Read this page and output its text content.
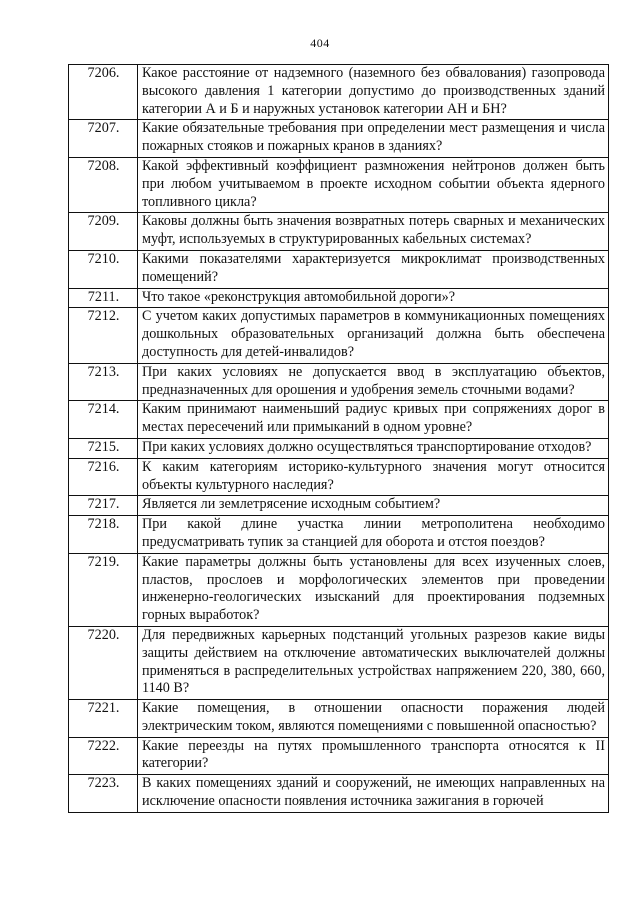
404
7206.	Какое расстояние от надземного (наземного без обвалования) газопровода высокого давления 1 категории допустимо до производственных зданий категории А и Б и наружных установок категории АН и БН?
7207.	Какие обязательные требования при определении мест размещения и числа пожарных стояков и пожарных кранов в зданиях?
7208.	Какой эффективный коэффициент размножения нейтронов должен быть при любом учитываемом в проекте исходном событии объекта ядерного топливного цикла?
7209.	Каковы должны быть значения возвратных потерь сварных и механических муфт, используемых в структурированных кабельных системах?
7210.	Какими показателями характеризуется микроклимат производственных помещений?
7211.	Что такое «реконструкция автомобильной дороги»?
7212.	С учетом каких допустимых параметров в коммуникационных помещениях дошкольных образовательных организаций должна быть обеспечена доступность для детей-инвалидов?
7213.	При каких условиях не допускается ввод в эксплуатацию объектов, предназначенных для орошения и удобрения земель сточными водами?
7214.	Каким принимают наименьший радиус кривых при сопряжениях дорог в местах пересечений или примыканий в одном уровне?
7215.	При каких условиях должно осуществляться транспортирование отходов?
7216.	К каким категориям историко-культурного значения могут относится объекты культурного наследия?
7217.	Является ли землетрясение исходным событием?
7218.	При какой длине участка линии метрополитена необходимо предусматривать тупик за станцией для оборота и отстоя поездов?
7219.	Какие параметры должны быть установлены для всех изученных слоев, пластов, прослоев и морфологических элементов при проведении инженерно-геологических изысканий для проектирования подземных горных выработок?
7220.	Для передвижных карьерных подстанций угольных разрезов какие виды защиты действием на отключение автоматических выключателей должны применяться в распределительных устройствах напряжением 220, 380, 660, 1140 В?
7221.	Какие помещения, в отношении опасности поражения людей электрическим током, являются помещениями с повышенной опасностью?
7222.	Какие переезды на путях промышленного транспорта относятся к II категории?
7223.	В каких помещениях зданий и сооружений, не имеющих направленных на исключение опасности появления источника зажигания в горючей
